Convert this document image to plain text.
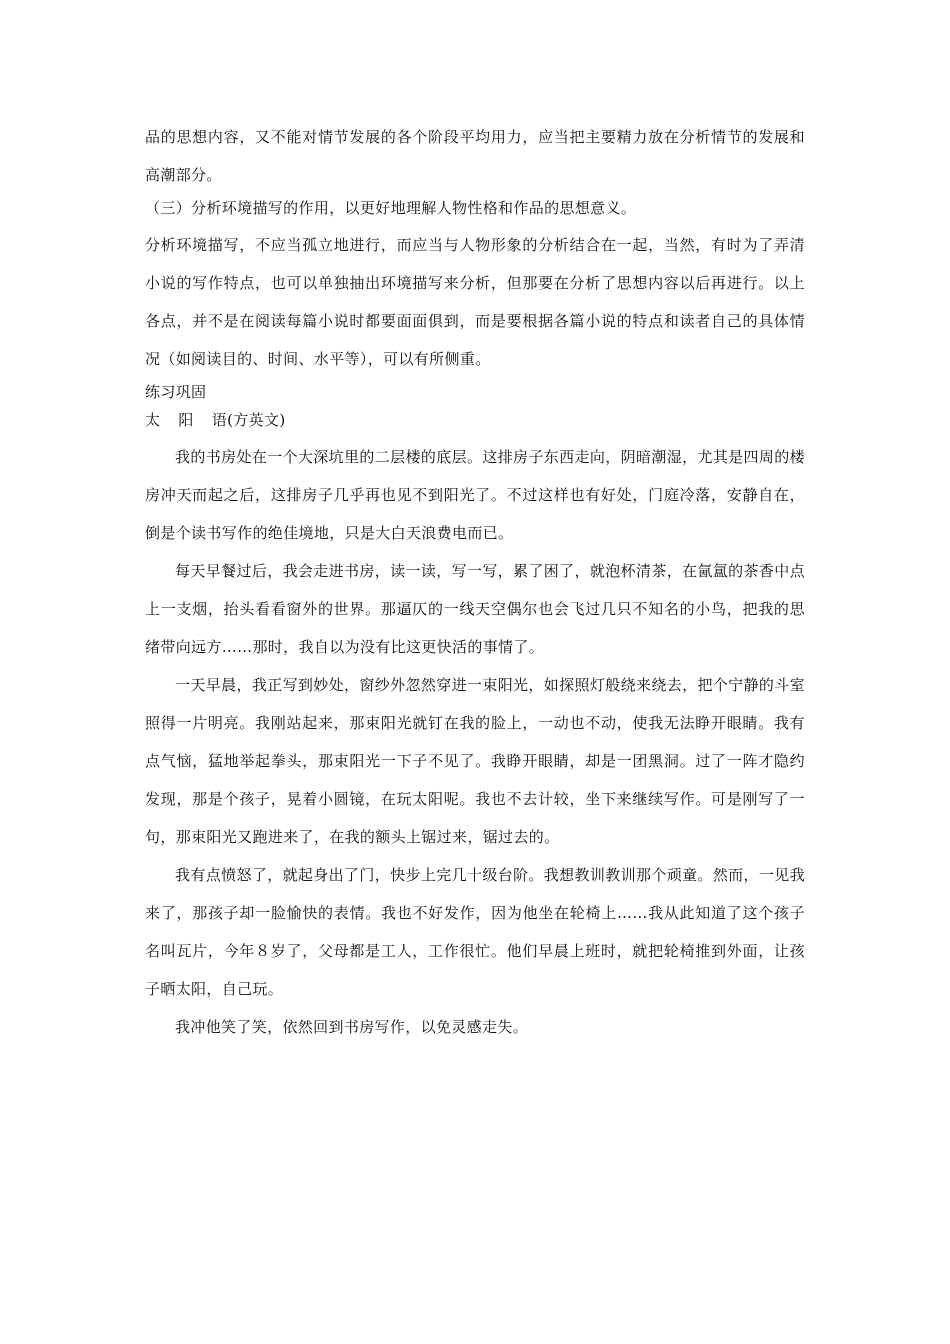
品的思想内容，又不能对情节发展的各个阶段平均用力，应当把主要精力放在分析情节的发展和高潮部分。

（三）分析环境描写的作用，以更好地理解人物性格和作品的思想意义。

分析环境描写，不应当孤立地进行，而应当与人物形象的分析结合在一起，当然，有时为了弄清小说的写作特点，也可以单独抽出环境描写来分析，但那要在分析了思想内容以后再进行。以上各点，并不是在阅读每篇小说时都要面面俱到，而是要根据各篇小说的特点和读者自己的具体情况（如阅读目的、时间、水平等），可以有所侧重。

练习巩固

太 阳 语(方英文)

我的书房处在一个大深坑里的二层楼的底层。这排房子东西走向，阴暗潮湿，尤其是四周的楼房冲天而起之后，这排房子几乎再也见不到阳光了。不过这样也有好处，门庭冷落，安静自在，倒是个读书写作的绝佳境地，只是大白天浪费电而已。

每天早餐过后，我会走进书房，读一读，写一写，累了困了，就泡杯清茶，在氤氲的茶香中点上一支烟，抬头看看窗外的世界。那逼仄的一线天空偶尔也会飞过几只不知名的小鸟，把我的思绪带向远方……那时，我自以为没有比这更快活的事情了。

一天早晨，我正写到妙处，窗纱外忽然穿进一束阳光，如探照灯般绕来绕去，把个宁静的斗室照得一片明亮。我刚站起来，那束阳光就钉在我的脸上，一动也不动，使我无法睁开眼睛。我有点气恼，猛地举起拳头，那束阳光一下子不见了。我睁开眼睛，却是一团黑洞。过了一阵才隐约发现，那是个孩子，晃着小圆镜，在玩太阳呢。我也不去计较，坐下来继续写作。可是刚写了一句，那束阳光又跑进来了，在我的额头上锯过来，锯过去的。

我有点愤怒了，就起身出了门，快步上完几十级台阶。我想教训教训那个顽童。然而，一见我来了，那孩子却一脸愉快的表情。我也不好发作，因为他坐在轮椅上……我从此知道了这个孩子名叫瓦片，今年８岁了，父母都是工人，工作很忙。他们早晨上班时，就把轮椅推到外面，让孩子晒太阳，自己玩。

我冲他笑了笑，依然回到书房写作，以免灵感走失。
